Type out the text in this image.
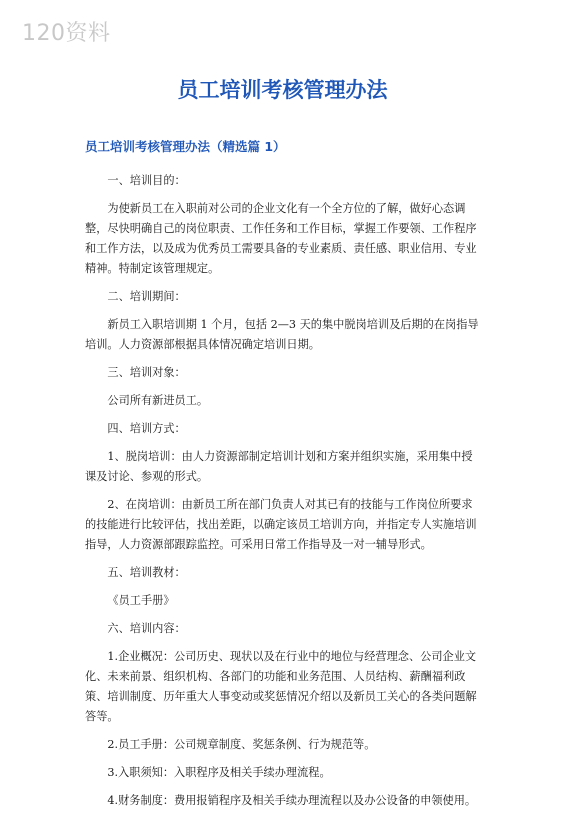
120资料
员工培训考核管理办法
员工培训考核管理办法（精选篇 1）

一、培训目的：

为使新员工在入职前对公司的企业文化有一个全方位的了解，做好心态调整，尽快明确自己的岗位职责、工作任务和工作目标，掌握工作要领、工作程序和工作方法，以及成为优秀员工需要具备的专业素质、责任感、职业信用、专业精神。特制定该管理规定。

二、培训期间：

新员工入职培训期 1 个月，包括 2—3 天的集中脱岗培训及后期的在岗指导培训。人力资源部根据具体情况确定培训日期。

三、培训对象：

公司所有新进员工。

四、培训方式：

1、脱岗培训：由人力资源部制定培训计划和方案并组织实施，采用集中授课及讨论、参观的形式。

2、在岗培训：由新员工所在部门负责人对其已有的技能与工作岗位所要求的技能进行比较评估，找出差距，以确定该员工培训方向，并指定专人实施培训指导，人力资源部跟踪监控。可采用日常工作指导及一对一辅导形式。

五、培训教材：

《员工手册》

六、培训内容：

1.企业概况：公司历史、现状以及在行业中的地位与经营理念、公司企业文化、未来前景、组织机构、各部门的功能和业务范围、人员结构、薪酬福利政策、培训制度、历年重大人事变动或奖惩情况介绍以及新员工关心的各类问题解答等。

2.员工手册：公司规章制度、奖惩条例、行为规范等。

3.入职须知：入职程序及相关手续办理流程。

4.财务制度：费用报销程序及相关手续办理流程以及办公设备的申领使用。
